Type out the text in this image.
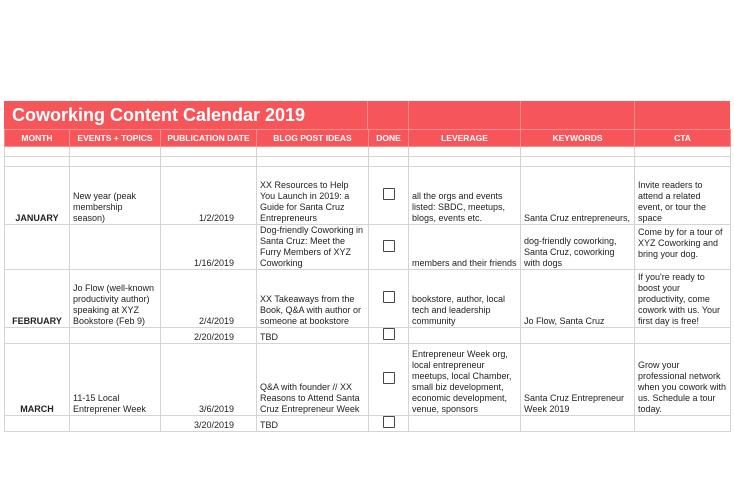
Coworking Content Calendar 2019
MONTH	EVENTS + TOPICS	PUBLICATION DATE	BLOG POST IDEAS	DONE	LEVERAGE	KEYWORDS	CTA

JANUARY	New year (peak membership season)	1/2/2019	XX Resources to Help You Launch in 2019: a Guide for Santa Cruz Entrepreneurs		all the orgs and events listed: SBDC, meetups, blogs, events etc.	Santa Cruz entrepreneurs,	Invite readers to attend a related event, or tour the space
		1/16/2019	Dog-friendly Coworking in Santa Cruz: Meet the Furry Members of XYZ Coworking		members and their friends	dog-friendly coworking, Santa Cruz, coworking with dogs	Come by for a tour of XYZ Coworking and bring your dog.
FEBRUARY	Jo Flow (well-known productivity author) speaking at XYZ Bookstore (Feb 9)	2/4/2019	XX Takeaways from the Book, Q&A with author or someone at bookstore		bookstore, author, local tech and leadership community	Jo Flow, Santa Cruz	If you're ready to boost your productivity, come cowork with us. Your first day is free!
		2/20/2019	TBD				
MARCH	11-15 Local Entreprener Week	3/6/2019	Q&A with founder // XX Reasons to Attend Santa Cruz Entrepreneur Week		Entrepreneur Week org, local entrepreneur meetups, local Chamber, small biz development, economic development, venue, sponsors	Santa Cruz Entrepreneur Week 2019	Grow your professional network when you cowork with us. Schedule a tour today.
		3/20/2019	TBD				
